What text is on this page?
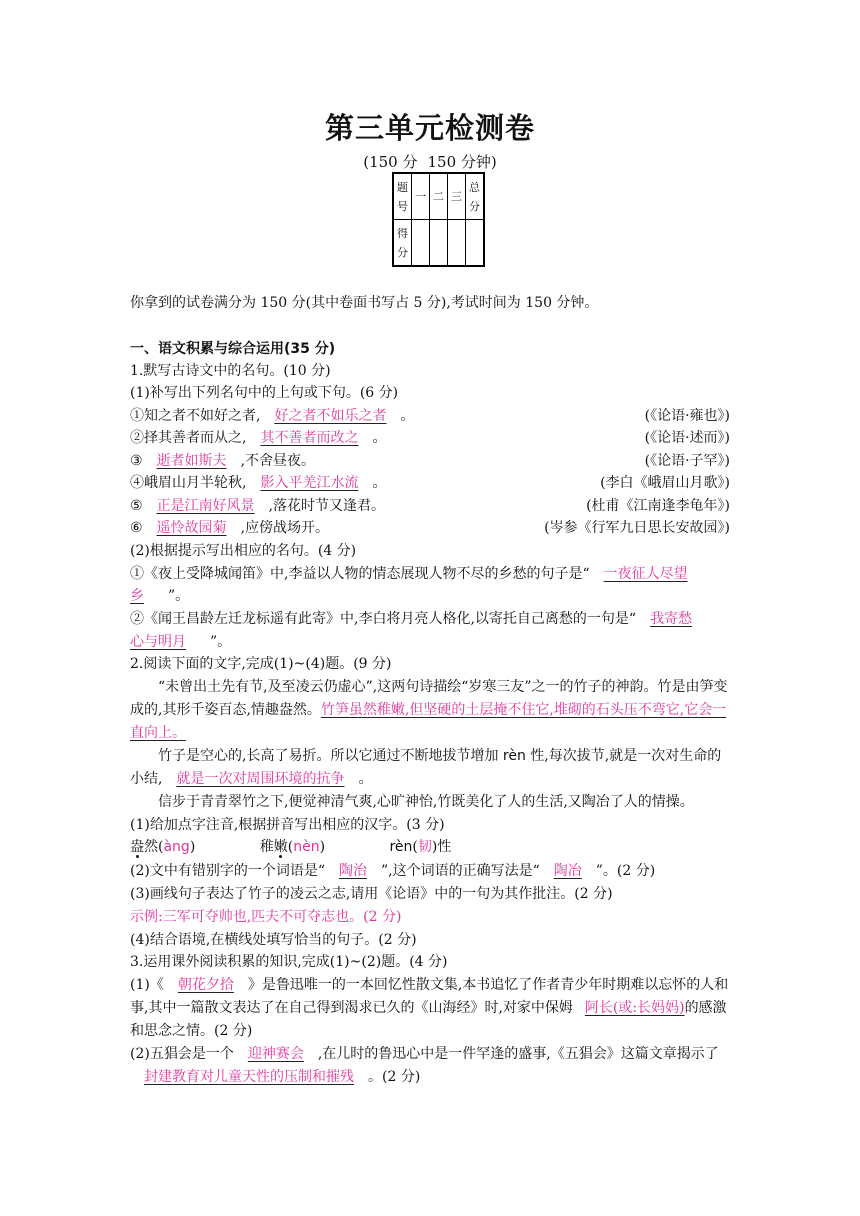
第三单元检测卷
(150 分 150 分钟)
题号	一	二	三	总分
得分				
你拿到的试卷满分为 150 分(其中卷面书写占 5 分),考试时间为 150 分钟。
一、语文积累与综合运用(35 分)
1.默写古诗文中的名句。(10 分)
(1)补写出下列名句中的上句或下句。(6 分)
①知之者不如好之者, 好之者不如乐之者 。	(《论语·雍也》)
②择其善者而从之, 其不善者而改之 。	(《论语·述而》)
③ 逝者如斯夫 ,不舍昼夜。	(《论语·子罕》)
④峨眉山月半轮秋, 影入平羌江水流 。	(李白《峨眉山月歌》)
⑤ 正是江南好风景 ,落花时节又逢君。	(杜甫《江南逢李龟年》)
⑥ 遥怜故园菊 ,应傍战场开。	(岑参《行军九日思长安故园》)
(2)根据提示写出相应的名句。(4 分)
①《夜上受降城闻笛》中,李益以人物的情态展现人物不尽的乡愁的句子是“ 一夜征人尽望
乡 ”。
②《闻王昌龄左迁龙标遥有此寄》中,李白将月亮人格化,以寄托自己离愁的一句是“ 我寄愁
心与明月 ”。
2.阅读下面的文字,完成(1)~(4)题。(9 分)
“未曾出土先有节,及至凌云仍虚心”,这两句诗描绘“岁寒三友”之一的竹子的神韵。竹是由笋变成的,其形千姿百态,情趣盎然。竹笋虽然稚嫩,但坚硬的土层掩不住它,堆砌的石头压不弯它,它会一直向上。
竹子是空心的,长高了易折。所以它通过不断地拔节增加 rèn 性,每次拔节,就是一次对生命的小结, 就是一次对周围环境的抗争 。
信步于青青翠竹之下,便觉神清气爽,心旷神怡,竹既美化了人的生活,又陶冶了人的情操。
(1)给加点字注音,根据拼音写出相应的汉字。(3 分)
盎然(àng)	稚嫩(nèn)	rèn(韧)性
(2)文中有错别字的一个词语是“ 陶治 ”,这个词语的正确写法是“ 陶冶 ”。(2 分)
(3)画线句子表达了竹子的凌云之志,请用《论语》中的一句为其作批注。(2 分)
示例:三军可夺帅也,匹夫不可夺志也。(2 分)
(4)结合语境,在横线处填写恰当的句子。(2 分)
3.运用课外阅读积累的知识,完成(1)~(2)题。(4 分)
(1)《 朝花夕拾 》是鲁迅唯一的一本回忆性散文集,本书追忆了作者青少年时期难以忘怀的人和事,其中一篇散文表达了在自己得到渴求已久的《山海经》时,对家中保姆 阿长(或:长妈妈)的感激和思念之情。(2 分)
(2)五猖会是一个 迎神赛会 ,在儿时的鲁迅心中是一件罕逢的盛事,《五猖会》这篇文章揭示了封建教育对儿童天性的压制和摧残 。(2 分)
